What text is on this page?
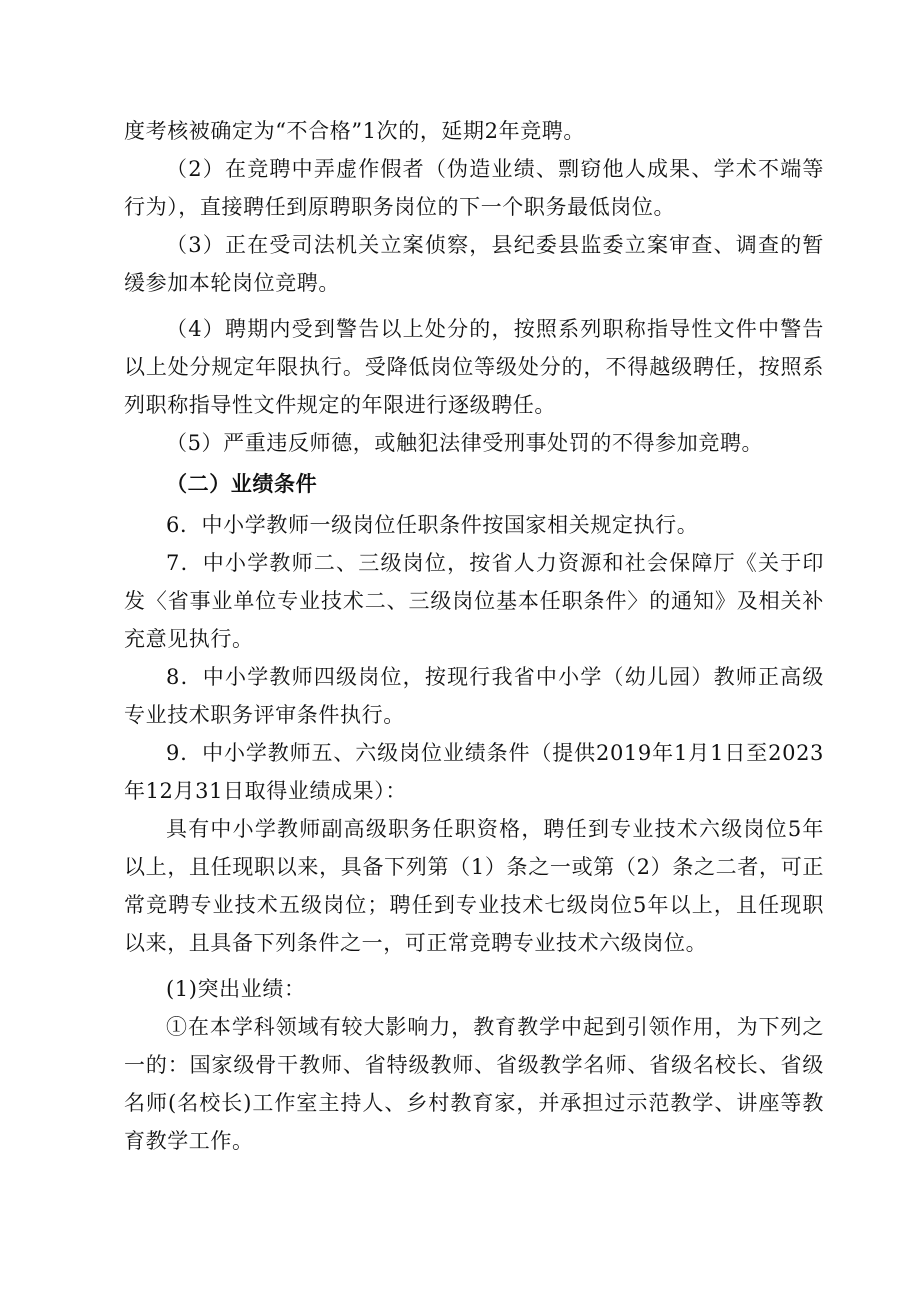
度考核被确定为“不合格”1次的，延期2年竞聘。

（2）在竞聘中弄虚作假者（伪造业绩、剽窃他人成果、学术不端等行为），直接聘任到原聘职务岗位的下一个职务最低岗位。

（3）正在受司法机关立案侦察，县纪委县监委立案审查、调查的暂缓参加本轮岗位竞聘。

（4）聘期内受到警告以上处分的，按照系列职称指导性文件中警告以上处分规定年限执行。受降低岗位等级处分的，不得越级聘任，按照系列职称指导性文件规定的年限进行逐级聘任。

（5）严重违反师德，或触犯法律受刑事处罚的不得参加竞聘。

（二）业绩条件

6．中小学教师一级岗位任职条件按国家相关规定执行。

7．中小学教师二、三级岗位，按省人力资源和社会保障厅《关于印发〈省事业单位专业技术二、三级岗位基本任职条件〉的通知》及相关补充意见执行。

8．中小学教师四级岗位，按现行我省中小学（幼儿园）教师正高级专业技术职务评审条件执行。

9．中小学教师五、六级岗位业绩条件（提供2019年1月1日至2023年12月31日取得业绩成果）：

具有中小学教师副高级职务任职资格，聘任到专业技术六级岗位5年以上，且任现职以来，具备下列第（1）条之一或第（2）条之二者，可正常竞聘专业技术五级岗位；聘任到专业技术七级岗位5年以上，且任现职以来，且具备下列条件之一，可正常竞聘专业技术六级岗位。

(1)突出业绩：

①在本学科领域有较大影响力，教育教学中起到引领作用，为下列之一的：国家级骨干教师、省特级教师、省级教学名师、省级名校长、省级名师(名校长)工作室主持人、乡村教育家，并承担过示范教学、讲座等教育教学工作。
